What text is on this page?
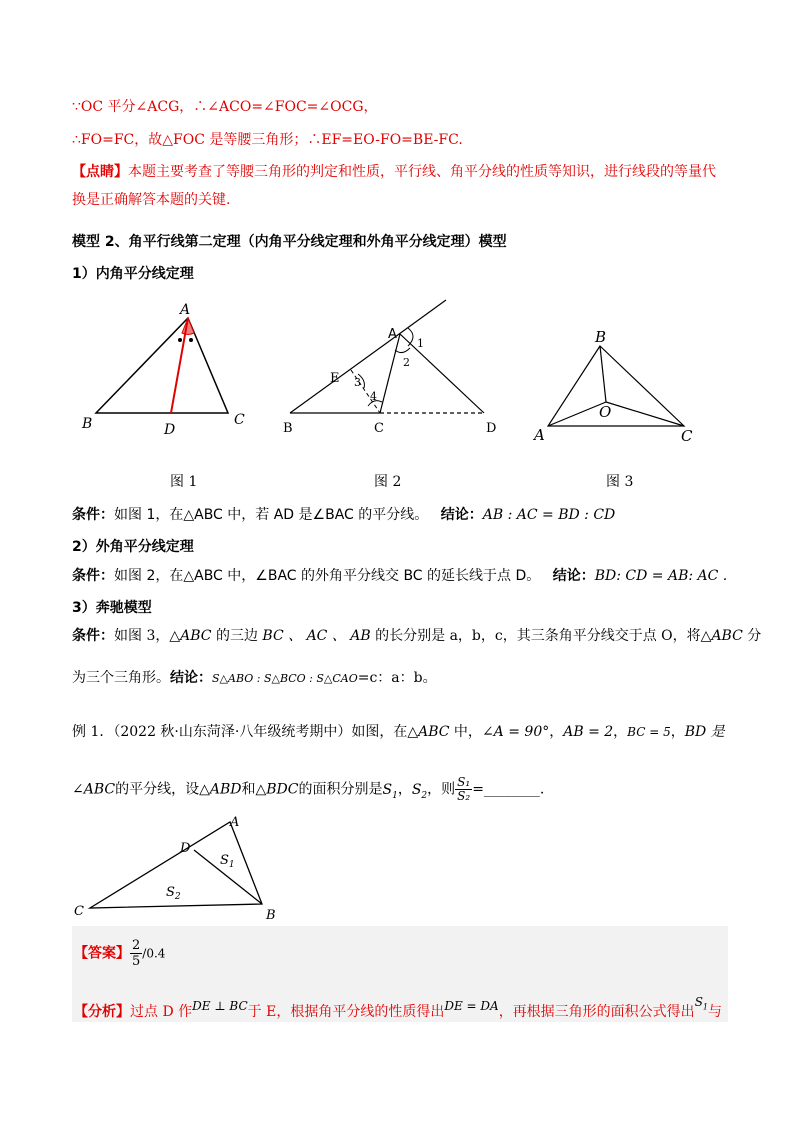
∵OC 平分∠ACG，∴∠ACO=∠FOC=∠OCG，
∴FO=FC，故△FOC 是等腰三角形；∴EF=EO-FO=BE-FC.
【点睛】本题主要考查了等腰三角形的判定和性质，平行线、角平分线的性质等知识，进行线段的等量代
换是正确解答本题的关键.
模型 2、角平行线第二定理（内角平分线定理和外角平分线定理）模型
1）内角平分线定理
A
B	C
D
A
B	C	D
E
1
2
3
4
B
A	C
O
图 1	图 2	图 3
条件：如图 1，在△ABC 中，若 AD 是∠BAC 的平分线。 结论：AB : AC = BD : CD
2）外角平分线定理
条件：如图 2，在△ABC 中，∠BAC 的外角平分线交 BC 的延长线于点 D。 结论：BD: CD = AB: AC .
3）奔驰模型
条件：如图 3，△ABC 的三边 BC 、 AC 、 AB 的长分别是 a，b，c，其三条角平分线交于点 O，将△ABC 分
为三个三角形。结论：S△ABO : S△BCO : S△CAO=c：a：b。
例 1．（2022 秋·山东菏泽·八年级统考期中）如图，在△ABC 中，∠A = 90°，AB = 2，BC = 5，BD 是
∠ABC的平分线，设△ABD和△BDC的面积分别是$S_1$，$S_2$，则 $\frac{\text{S₁}}{\text{S₂}}$ =________.
A
B
C
D
$S_1$
$S_2$
【答案】 $\frac{2}{5} /0.4$
【分析】过点 D 作DE ⊥ BC于 E，根据角平分线的性质得出DE = DA，再根据三角形的面积公式得出$S_1$与
